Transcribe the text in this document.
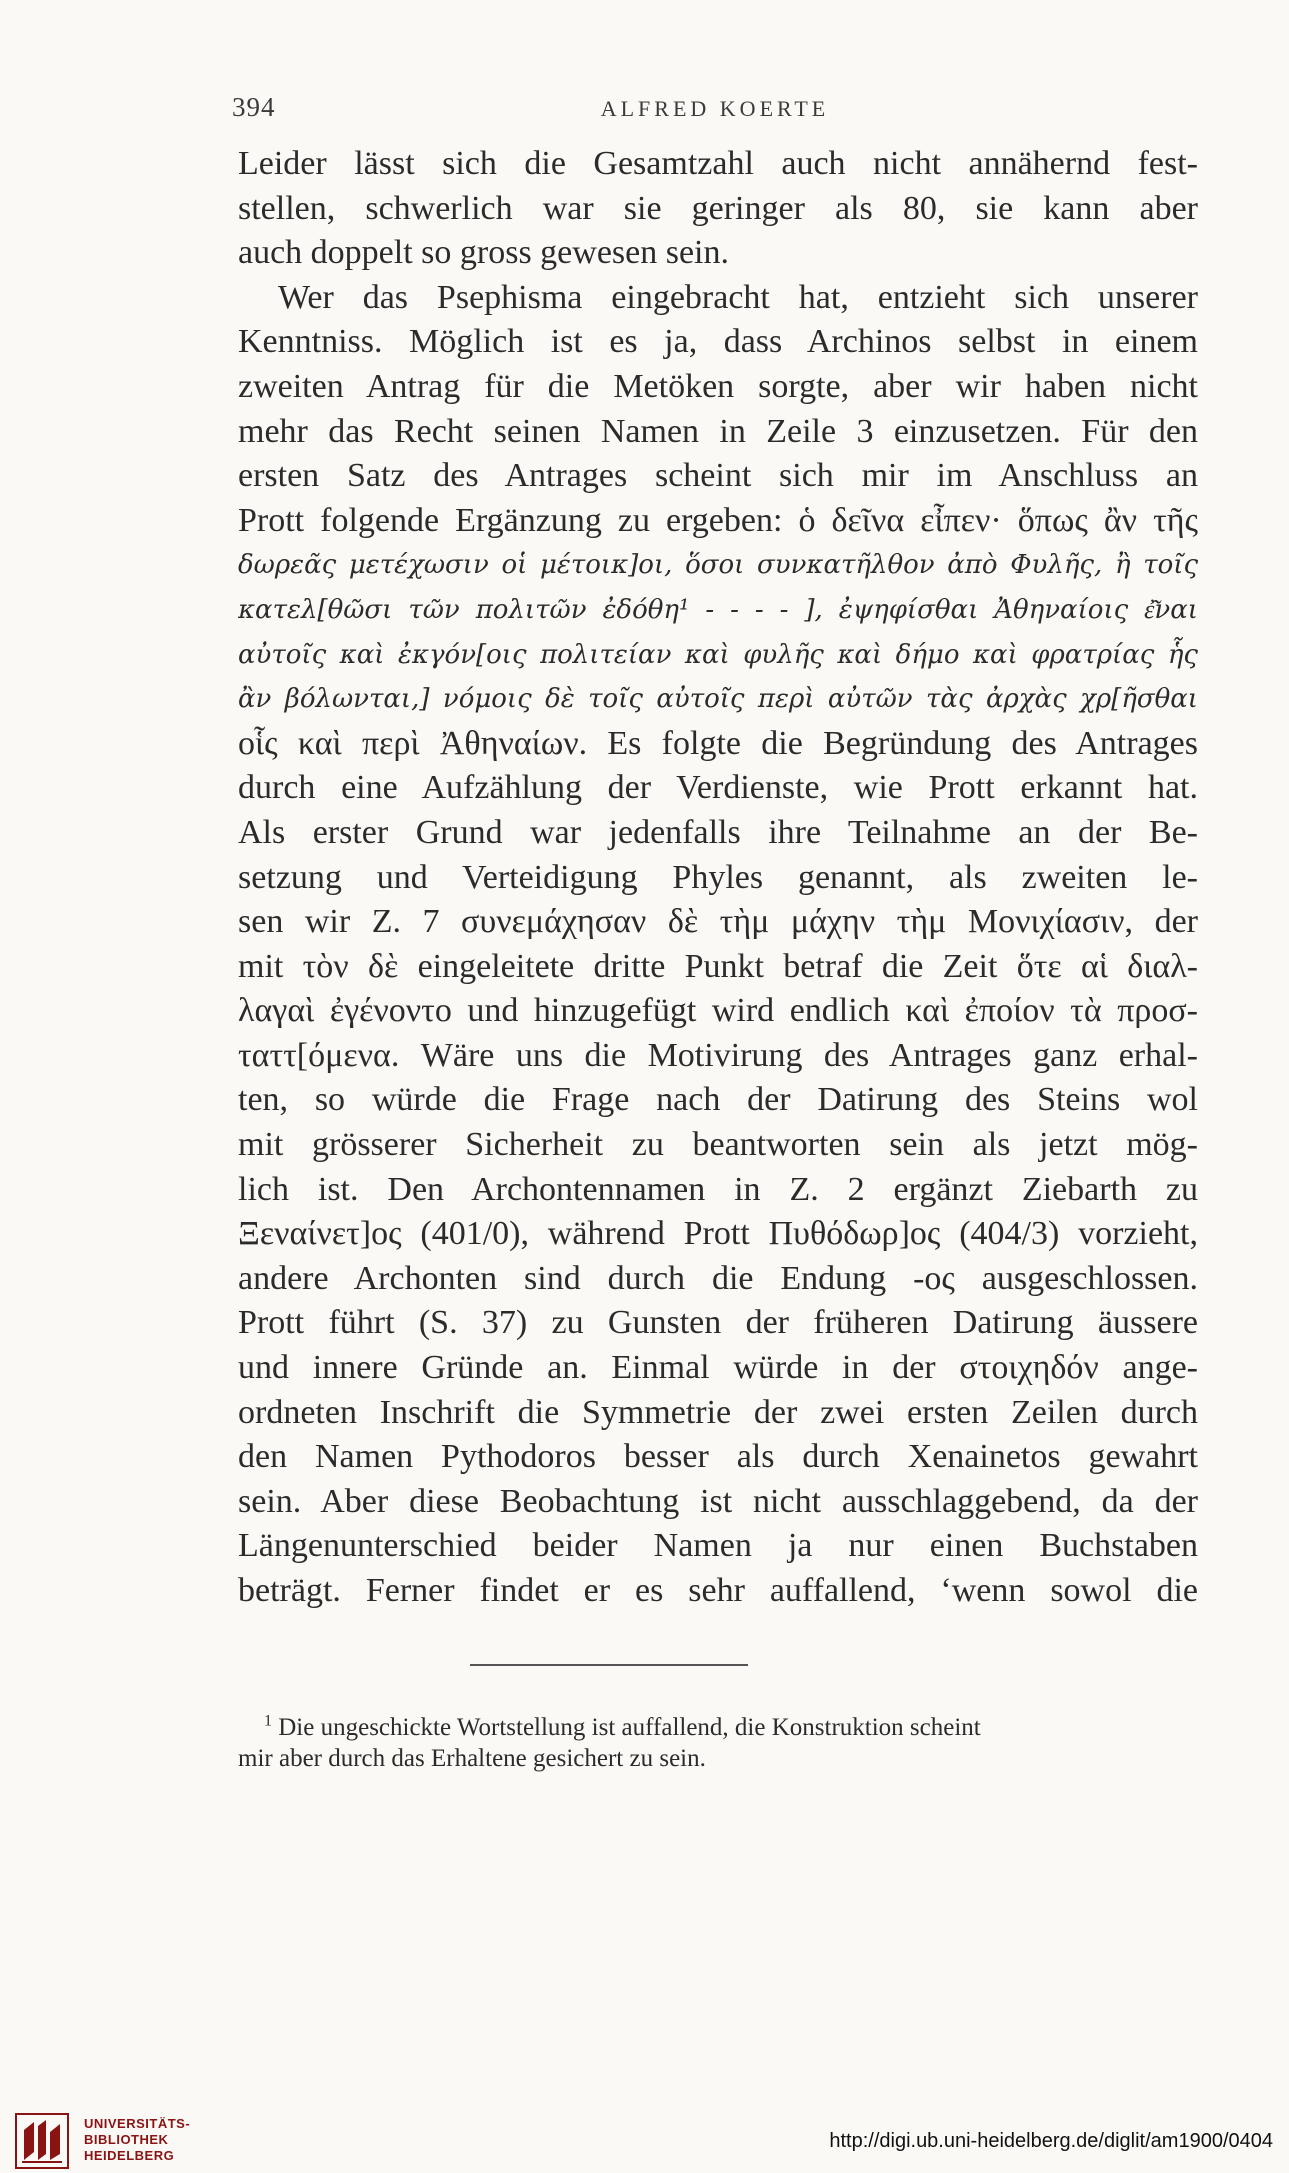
394	ALFRED KOERTE
Leider lässt sich die Gesamtzahl auch nicht annähernd fest-
stellen, schwerlich war sie geringer als 80, sie kann aber
auch doppelt so gross gewesen sein.
Wer das Psephisma eingebracht hat, entzieht sich unserer
Kenntniss. Möglich ist es ja, dass Archinos selbst in einem
zweiten Antrag für die Metöken sorgte, aber wir haben nicht
mehr das Recht seinen Namen in Zeile 3 einzusetzen. Für den
ersten Satz des Antrages scheint sich mir im Anschluss an
Prott folgende Ergänzung zu ergeben: ὁ δεῖνα εἶπεν· ὅπως ἂν τῆς
δωρεᾶς μετέχωσιν οἱ μέτοικ]οι, ὅσοι συνκατῆλθον ἀπὸ Φυλῆς, ἢ τοῖς
κατελ[θῶσι τῶν πολιτῶν ἐδόθη¹ - - - - ], ἐψηφίσθαι Ἀθηναίοις ἐ͂ναι
αὐτοῖς καὶ ἐκγόν[οις πολιτείαν καὶ φυλῆς καὶ δήμο καὶ φρατρίας ἧς
ἂν βόλωνται,] νόμοις δὲ τοῖς αὐτοῖς περὶ αὐτῶν τὰς ἀρχὰς χρ[ῆσθαι
οἷς καὶ περὶ Ἀθηναίων. Es folgte die Begründung des Antrages
durch eine Aufzählung der Verdienste, wie Prott erkannt hat.
Als erster Grund war jedenfalls ihre Teilnahme an der Be-
setzung und Verteidigung Phyles genannt, als zweiten le-
sen wir Z. 7 συνεμάχησαν δὲ τὴμ μάχην τὴμ Μονιχίασιν, der
mit τὸν δὲ eingeleitete dritte Punkt betraf die Zeit ὅτε αἱ διαλ-
λαγαὶ ἐγένοντο und hinzugefügt wird endlich καὶ ἐποίον τὰ προσ-
ταττ[όμενα. Wäre uns die Motivirung des Antrages ganz erhal-
ten, so würde die Frage nach der Datirung des Steins wol
mit grösserer Sicherheit zu beantworten sein als jetzt mög-
lich ist. Den Archontennamen in Z. 2 ergänzt Ziebarth zu
Ξεναίνετ]ος (401/0), während Prott Πυθόδωρ]ος (404/3) vorzieht,
andere Archonten sind durch die Endung -ος ausgeschlossen.
Prott führt (S. 37) zu Gunsten der früheren Datirung äussere
und innere Gründe an. Einmal würde in der στοιχηδόν ange-
ordneten Inschrift die Symmetrie der zwei ersten Zeilen durch
den Namen Pythodoros besser als durch Xenainetos gewahrt
sein. Aber diese Beobachtung ist nicht ausschlaggebend, da der
Längenunterschied beider Namen ja nur einen Buchstaben
beträgt. Ferner findet er es sehr auffallend, ‘wenn sowol die
$^1$ Die ungeschickte Wortstellung ist auffallend, die Konstruktion scheint
mir aber durch das Erhaltene gesichert zu sein.
UNIVERSITÄTS-
BIBLIOTHEK
HEIDELBERG
http://digi.ub.uni-heidelberg.de/diglit/am1900/0404
